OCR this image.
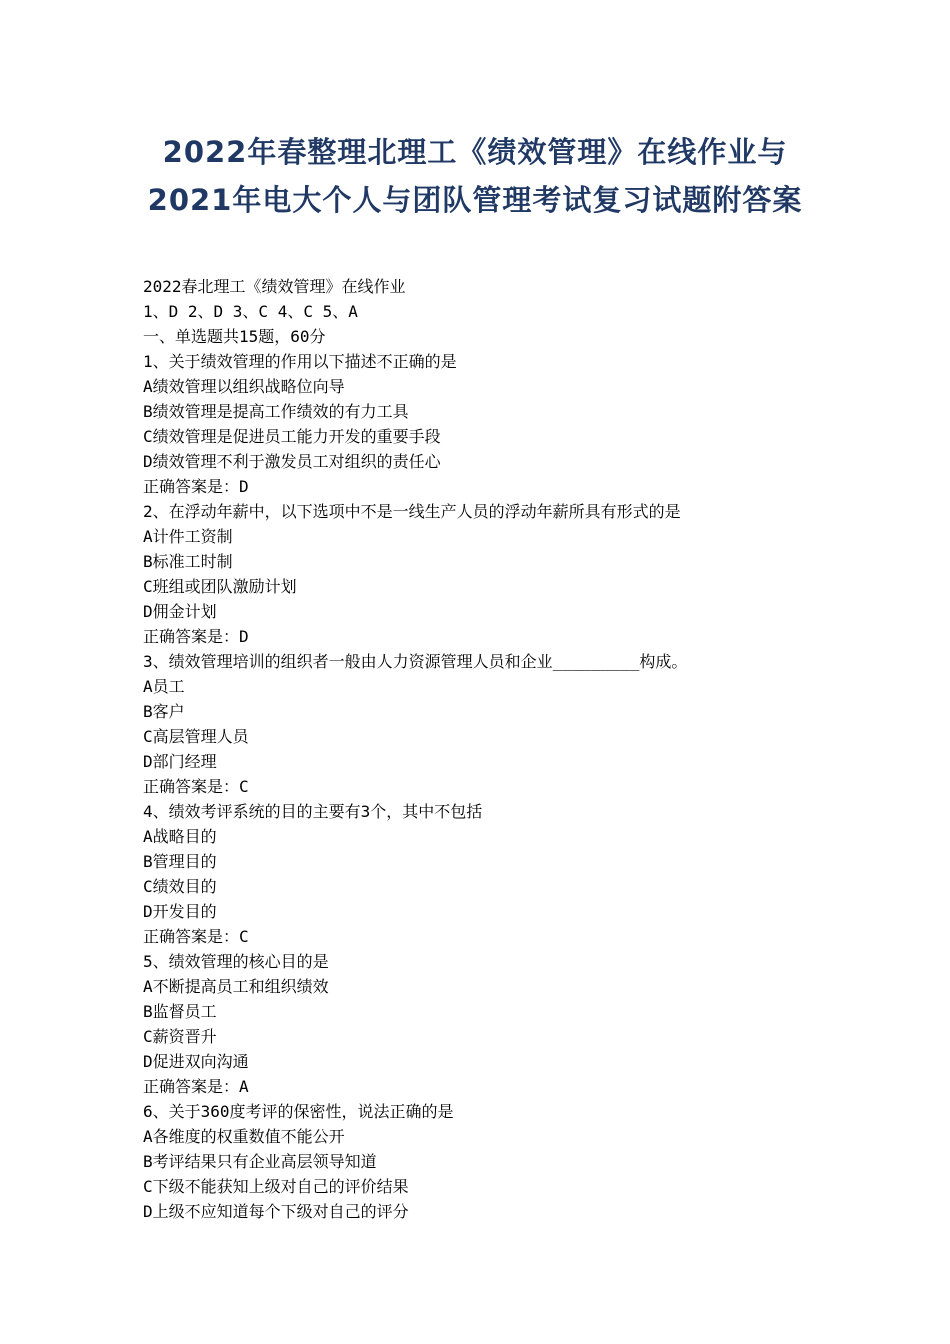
2022年春整理北理工《绩效管理》在线作业与
2021年电大个人与团队管理考试复习试题附答案
2022春北理工《绩效管理》在线作业
1、D 2、D 3、C 4、C 5、A
一、单选题共15题，60分
1、关于绩效管理的作用以下描述不正确的是
A绩效管理以组织战略位向导
B绩效管理是提高工作绩效的有力工具
C绩效管理是促进员工能力开发的重要手段
D绩效管理不利于激发员工对组织的责任心
正确答案是：D
2、在浮动年薪中，以下选项中不是一线生产人员的浮动年薪所具有形式的是
A计件工资制
B标准工时制
C班组或团队激励计划
D佣金计划
正确答案是：D
3、绩效管理培训的组织者一般由人力资源管理人员和企业_________构成。
A员工
B客户
C高层管理人员
D部门经理
正确答案是：C
4、绩效考评系统的目的主要有3个，其中不包括
A战略目的
B管理目的
C绩效目的
D开发目的
正确答案是：C
5、绩效管理的核心目的是
A不断提高员工和组织绩效
B监督员工
C薪资晋升
D促进双向沟通
正确答案是：A
6、关于360度考评的保密性，说法正确的是
A各维度的权重数值不能公开
B考评结果只有企业高层领导知道
C下级不能获知上级对自己的评价结果
D上级不应知道每个下级对自己的评分
